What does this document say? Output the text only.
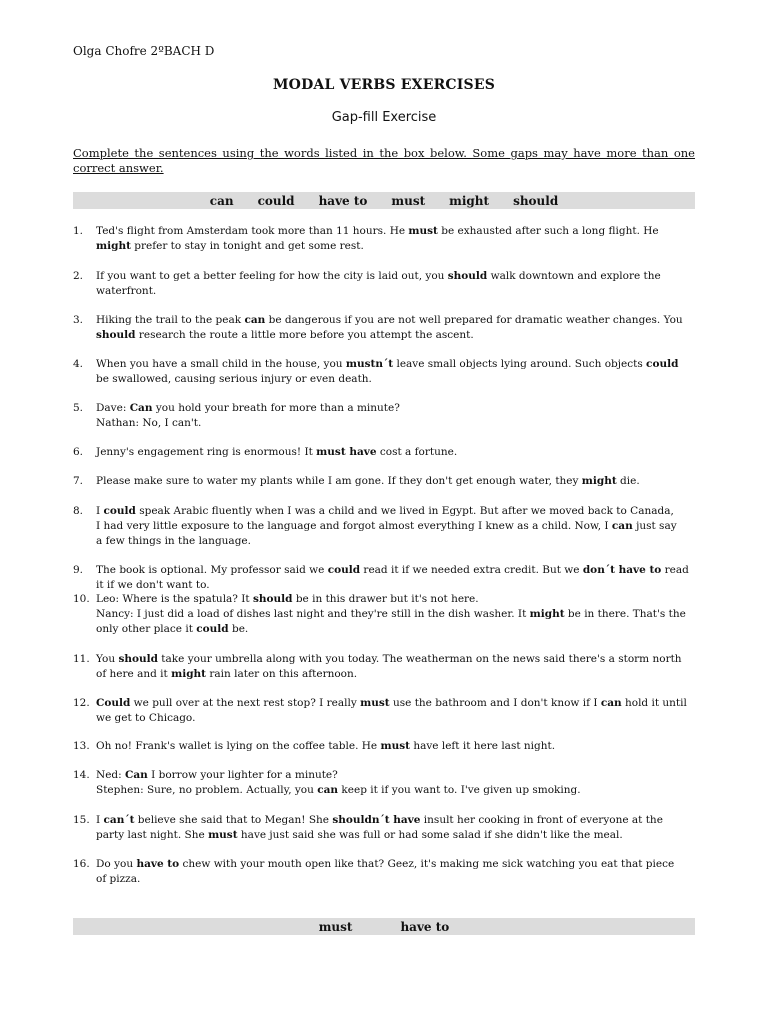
Olga Chofre 2ºBACH D
MODAL VERBS EXERCISES
Gap-fill Exercise
Complete the sentences using the words listed in the box below. Some gaps may have more than one correct answer.
can could have to must might should
1.	Ted's flight from Amsterdam took more than 11 hours. He must be exhausted after such a long flight. He
might prefer to stay in tonight and get some rest.
2.	If you want to get a better feeling for how the city is laid out, you should walk downtown and explore the
waterfront.
3.	Hiking the trail to the peak can be dangerous if you are not well prepared for dramatic weather changes. You
should research the route a little more before you attempt the ascent.
4.	When you have a small child in the house, you mustn´t leave small objects lying around. Such objects could
be swallowed, causing serious injury or even death.
5.	Dave: Can you hold your breath for more than a minute?
Nathan: No, I can't.
6.	Jenny's engagement ring is enormous! It must have cost a fortune.
7.	Please make sure to water my plants while I am gone. If they don't get enough water, they might die.
8.	I could speak Arabic fluently when I was a child and we lived in Egypt. But after we moved back to Canada,
I had very little exposure to the language and forgot almost everything I knew as a child. Now, I can just say
a few things in the language.
9.	The book is optional. My professor said we could read it if we needed extra credit. But we don´t have to read
it if we don't want to.
10. Leo: Where is the spatula? It should be in this drawer but it's not here.
Nancy: I just did a load of dishes last night and they're still in the dish washer. It might be in there. That's the
only other place it could be.
11. You should take your umbrella along with you today. The weatherman on the news said there's a storm north
of here and it might rain later on this afternoon.
12. Could we pull over at the next rest stop? I really must use the bathroom and I don't know if I can hold it until
we get to Chicago.
13. Oh no! Frank's wallet is lying on the coffee table. He must have left it here last night.
14. Ned: Can I borrow your lighter for a minute?
Stephen: Sure, no problem. Actually, you can keep it if you want to. I've given up smoking.
15. I can´t believe she said that to Megan! She shouldn´t have insult her cooking in front of everyone at the
party last night. She must have just said she was full or had some salad if she didn't like the meal.
16. Do you have to chew with your mouth open like that? Geez, it's making me sick watching you eat that piece
of pizza.
must	have to
